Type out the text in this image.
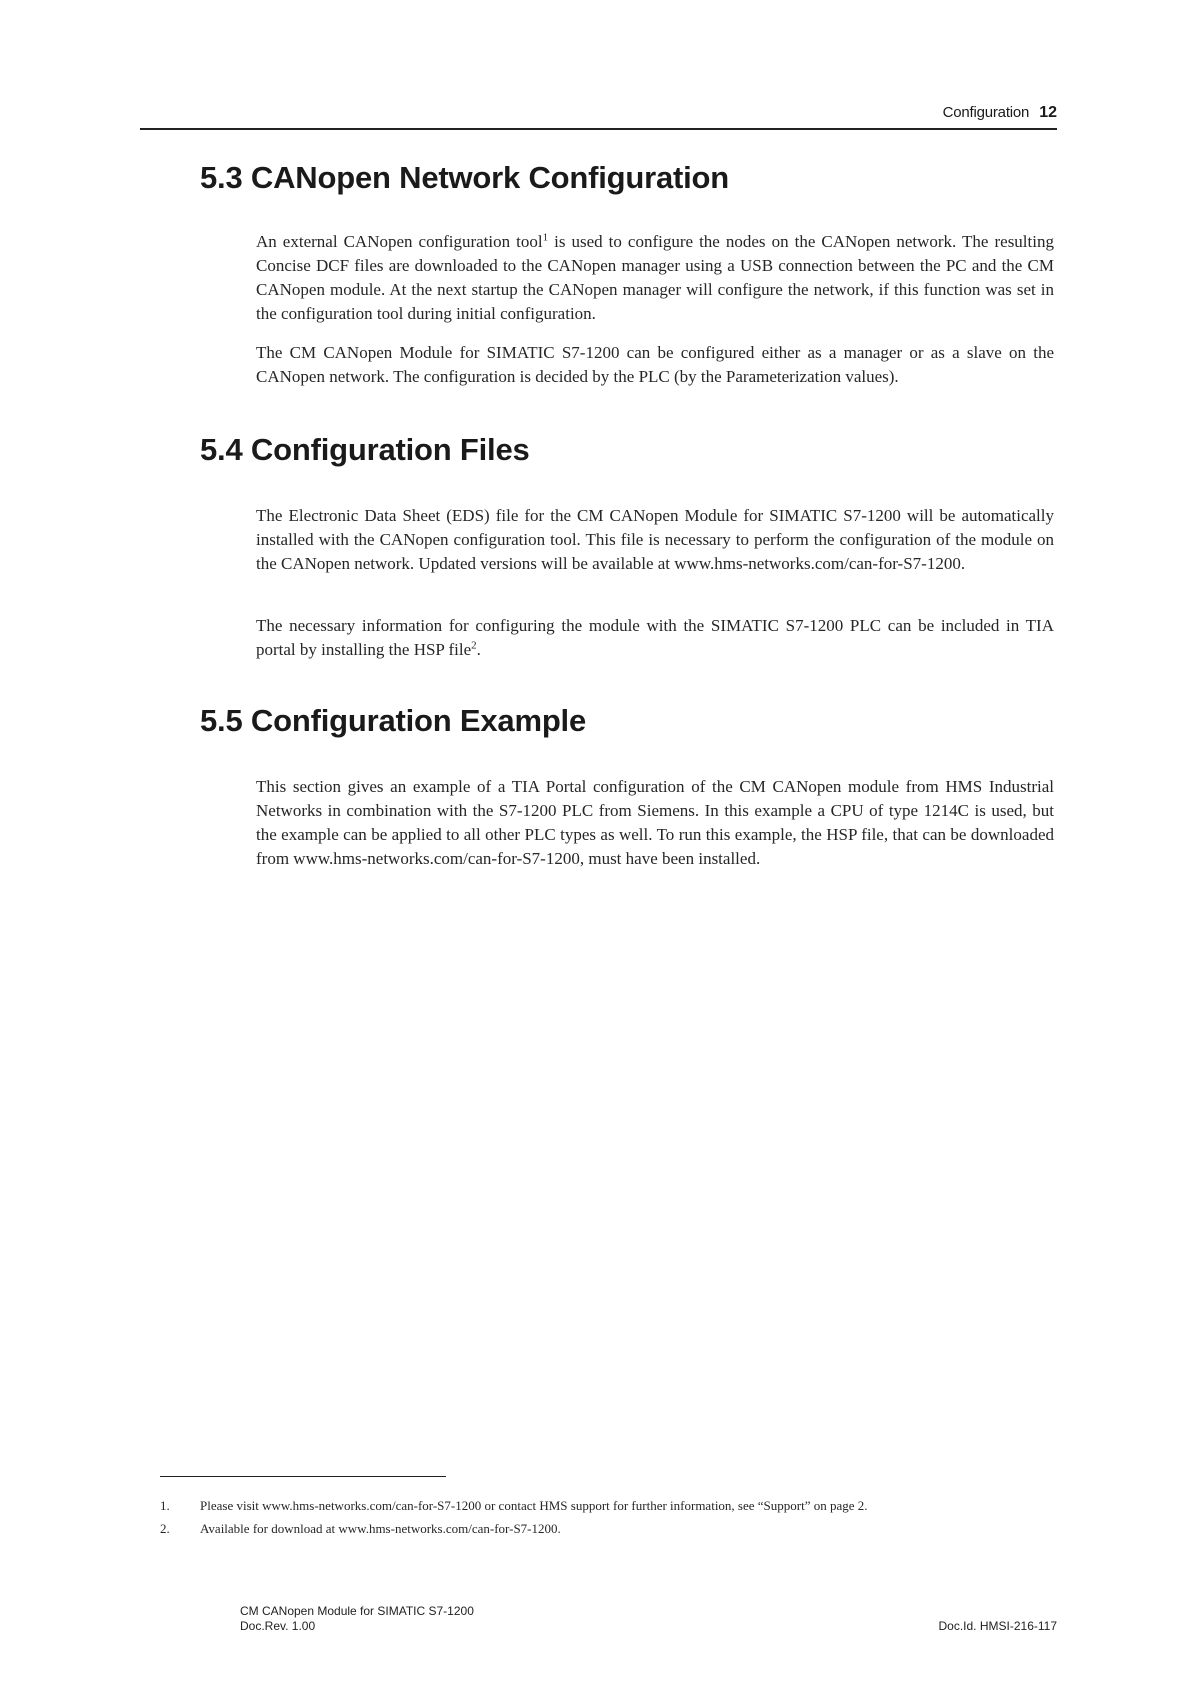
Configuration 12
5.3 CANopen Network Configuration

An external CANopen configuration tool$^1$ is used to configure the nodes on the CANopen network. The resulting Concise DCF files are downloaded to the CANopen manager using a USB connection between the PC and the CM CANopen module. At the next startup the CANopen manager will configure the network, if this function was set in the configuration tool during initial configuration.

The CM CANopen Module for SIMATIC S7-1200 can be configured either as a manager or as a slave on the CANopen network. The configuration is decided by the PLC (by the Parameterization values).

5.4 Configuration Files

The Electronic Data Sheet (EDS) file for the CM CANopen Module for SIMATIC S7-1200 will be automatically installed with the CANopen configuration tool. This file is necessary to perform the configuration of the module on the CANopen network. Updated versions will be available at www.hms-networks.com/can-for-S7-1200.

The necessary information for configuring the module with the SIMATIC S7-1200 PLC can be included in TIA portal by installing the HSP file$^2$.

5.5 Configuration Example

This section gives an example of a TIA Portal configuration of the CM CANopen module from HMS Industrial Networks in combination with the S7-1200 PLC from Siemens. In this example a CPU of type 1214C is used, but the example can be applied to all other PLC types as well. To run this example, the HSP file, that can be downloaded from www.hms-networks.com/can-for-S7-1200, must have been installed.

1.	Please visit www.hms-networks.com/can-for-S7-1200 or contact HMS support for further information, see “Support” on page 2.
2.	Available for download at www.hms-networks.com/can-for-S7-1200.
CM CANopen Module for SIMATIC S7-1200
Doc.Rev. 1.00	Doc.Id. HMSI-216-117
